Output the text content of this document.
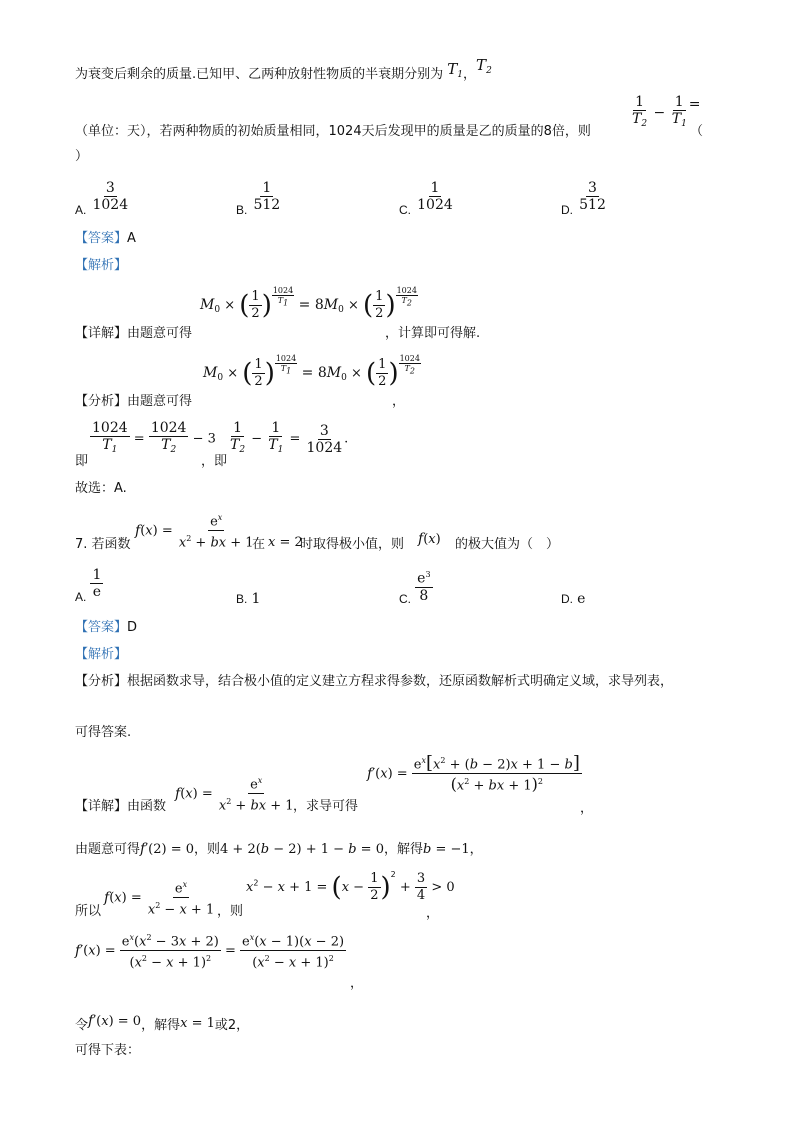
为衰变后剩余的质量.已知甲、乙两种放射性物质的半衰期分别为 $T_1$，$T_2$
$\frac{1}{T_2} - \frac{1}{T_1}$ =
（单位：天），若两种物质的初始质量相同，1024天后发现甲的质量是乙的质量的8倍，则	（
）
A. $\frac{3}{1024}$	B. $\frac{1}{512}$	C. $\frac{1}{1024}$	D. $\frac{3}{512}$
【答案】A
【解析】
【详解】由题意可得
$M_0$ × ( $\frac{1}{2}$ ) $\frac{1024}{T_1} = 8M_0$ × ( $\frac{1}{2}$ ) $\frac{1024}{T_2}$
，计算即可得解.
【分析】由题意可得
$M_0$ × ( $\frac{1}{2}$ ) $\frac{1024}{T_1} = 8M_0$ × ( $\frac{1}{2}$ ) $\frac{1024}{T_2}$
，
即
$\frac{1024}{T_1} = \frac{1024}{T_2} - 3$
，即
$\frac{1}{T_2} - \frac{1}{T_1} = \frac{3}{1024}$ .
故选：A.
7. 若函数
$f(x) = \frac{e^x}{x^2 + bx + 1}$
在 x = 2
时取得极小值，则 f(x) 的极大值为（　）
A. $\frac{1}{e}$	B. 1	C. $\frac{e^3}{8}$	D. e
【答案】D
【解析】
【分析】根据函数求导，结合极小值的定义建立方程求得参数，还原函数解析式明确定义域，求导列表，
可得答案.
【详解】由函数
$f(x) = \frac{e^x}{x^2 + bx + 1}$
，求导可得
$f'(x) = \frac{e^x[x^2 + (b - 2)x + 1 - b]}{(x^2 + bx + 1)^2}$
，
由题意可得f′(2) = 0，则4 + 2(b − 2) + 1 − b = 0，解得b = −1，
所以
$f(x) = \frac{e^x}{x^2 - x + 1}$ ，则
$x^2 - x + 1 = (x - \frac{1}{2} )^2 + \frac{3}{4} > 0$
，
$f'(x) = \frac{e^x(x^2 - 3x + 2)}{(x^2 - x + 1)^2} = \frac{e^x(x - 1)(x - 2)}{(x^2 - x + 1)^2}$
，
令f′(x) = 0，解得x = 1或2，
可得下表：
